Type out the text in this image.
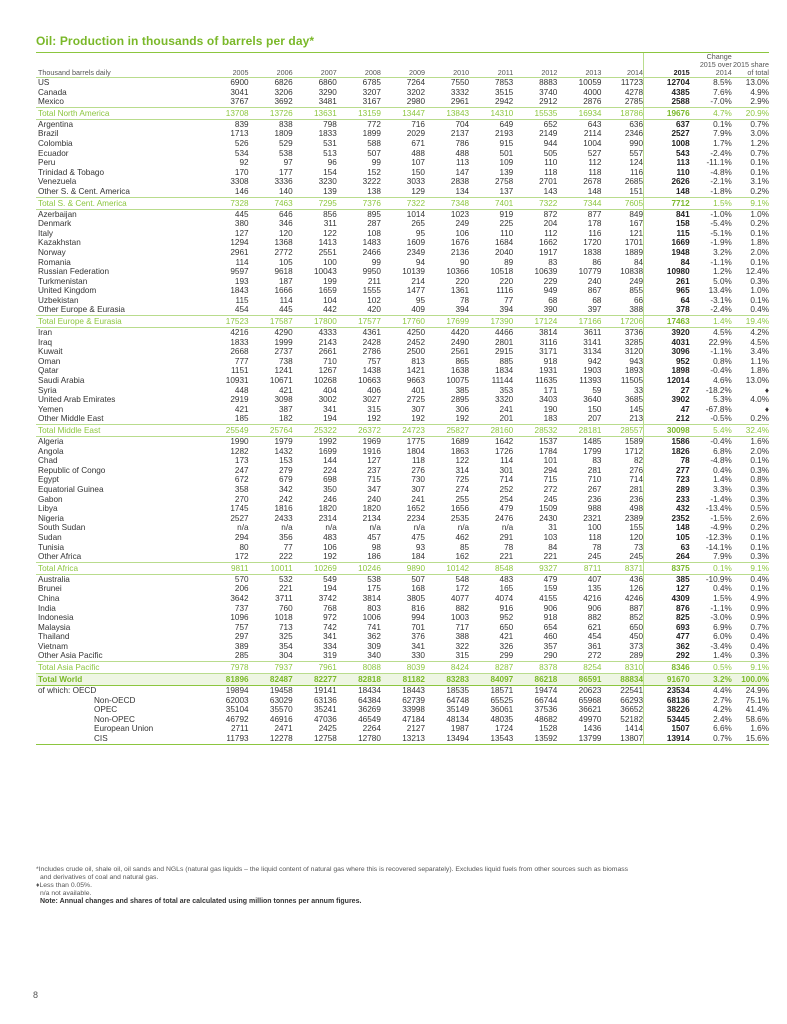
Oil: Production in thousands of barrels per day*
Thousand barrels daily	2005	2006	2007	2008	2009	2010	2011	2012	2013	2014	2015	Change 2015 over 2014	2015 share of total
US	6900	6826	6860	6785	7264	7550	7853	8883	10059	11723	12704	8.5%	13.0%
Canada	3041	3206	3290	3207	3202	3332	3515	3740	4000	4278	4385	7.6%	4.9%
Mexico	3767	3692	3481	3167	2980	2961	2942	2912	2876	2785	2588	-7.0%	2.9%
Total North America	13708	13726	13631	13159	13447	13843	14310	15535	16934	18786	19676	4.7%	20.9%
Argentina	839	838	798	772	716	704	649	652	643	636	637	0.1%	0.7%
Brazil	1713	1809	1833	1899	2029	2137	2193	2149	2114	2346	2527	7.9%	3.0%
Colombia	526	529	531	588	671	786	915	944	1004	990	1008	1.7%	1.2%
Ecuador	534	538	513	507	488	488	501	505	527	557	543	-2.4%	0.7%
Peru	92	97	96	99	107	113	109	110	112	124	113	-11.1%	0.1%
Trinidad & Tobago	170	177	154	152	150	147	139	118	118	116	110	-4.8%	0.1%
Venezuela	3308	3336	3230	3222	3033	2838	2758	2701	2678	2685	2626	-2.1%	3.1%
Other S. & Cent. America	146	140	139	138	129	134	137	143	148	151	148	-1.8%	0.2%
Total S. & Cent. America	7328	7463	7295	7376	7322	7348	7401	7322	7344	7605	7712	1.5%	9.1%
Azerbaijan	445	646	856	895	1014	1023	919	872	877	849	841	-1.0%	1.0%
Denmark	380	346	311	287	265	249	225	204	178	167	158	-5.4%	0.2%
Italy	127	120	122	108	95	106	110	112	116	121	115	-5.1%	0.1%
Kazakhstan	1294	1368	1413	1483	1609	1676	1684	1662	1720	1701	1669	-1.9%	1.8%
Norway	2961	2772	2551	2466	2349	2136	2040	1917	1838	1889	1948	3.2%	2.0%
Romania	114	105	100	99	94	90	89	83	86	84	84	-1.1%	0.1%
Russian Federation	9597	9618	10043	9950	10139	10366	10518	10639	10779	10838	10980	1.2%	12.4%
Turkmenistan	193	187	199	211	214	220	220	229	240	249	261	5.0%	0.3%
United Kingdom	1843	1666	1659	1555	1477	1361	1116	949	867	855	965	13.4%	1.0%
Uzbekistan	115	114	104	102	95	78	77	68	68	66	64	-3.1%	0.1%
Other Europe & Eurasia	454	445	442	420	409	394	394	390	397	388	378	-2.4%	0.4%
Total Europe & Eurasia	17523	17587	17800	17577	17760	17699	17390	17124	17166	17206	17463	1.4%	19.4%
Iran	4216	4290	4333	4361	4250	4420	4466	3814	3611	3736	3920	4.5%	4.2%
Iraq	1833	1999	2143	2428	2452	2490	2801	3116	3141	3285	4031	22.9%	4.5%
Kuwait	2668	2737	2661	2786	2500	2561	2915	3171	3134	3120	3096	-1.1%	3.4%
Oman	777	738	710	757	813	865	885	918	942	943	952	0.8%	1.1%
Qatar	1151	1241	1267	1438	1421	1638	1834	1931	1903	1893	1898	-0.4%	1.8%
Saudi Arabia	10931	10671	10268	10663	9663	10075	11144	11635	11393	11505	12014	4.6%	13.0%
Syria	448	421	404	406	401	385	353	171	59	33	27	-18.2%	♦
United Arab Emirates	2919	3098	3002	3027	2725	2895	3320	3403	3640	3685	3902	5.3%	4.0%
Yemen	421	387	341	315	307	306	241	190	150	145	47	-67.8%	♦
Other Middle East	185	182	194	192	192	192	201	183	207	213	212	-0.5%	0.2%
Total Middle East	25549	25764	25322	26372	24723	25827	28160	28532	28181	28557	30098	5.4%	32.4%
Algeria	1990	1979	1992	1969	1775	1689	1642	1537	1485	1589	1586	-0.4%	1.6%
Angola	1282	1432	1699	1916	1804	1863	1726	1784	1799	1712	1826	6.8%	2.0%
Chad	173	153	144	127	118	122	114	101	83	82	78	-4.8%	0.1%
Republic of Congo	247	279	224	237	276	314	301	294	281	276	277	0.4%	0.3%
Egypt	672	679	698	715	730	725	714	715	710	714	723	1.4%	0.8%
Equatorial Guinea	358	342	350	347	307	274	252	272	267	281	289	3.3%	0.3%
Gabon	270	242	246	240	241	255	254	245	236	236	233	-1.4%	0.3%
Libya	1745	1816	1820	1820	1652	1656	479	1509	988	498	432	-13.4%	0.5%
Nigeria	2527	2433	2314	2134	2234	2535	2476	2430	2321	2389	2352	-1.5%	2.6%
South Sudan	n/a	n/a	n/a	n/a	n/a	n/a	n/a	31	100	155	148	-4.9%	0.2%
Sudan	294	356	483	457	475	462	291	103	118	120	105	-12.3%	0.1%
Tunisia	80	77	106	98	93	85	78	84	78	73	63	-14.1%	0.1%
Other Africa	172	222	192	186	184	162	221	221	245	245	264	7.9%	0.3%
Total Africa	9811	10011	10269	10246	9890	10142	8548	9327	8711	8371	8375	0.1%	9.1%
Australia	570	532	549	538	507	548	483	479	407	436	385	-10.9%	0.4%
Brunei	206	221	194	175	168	172	165	159	135	126	127	0.4%	0.1%
China	3642	3711	3742	3814	3805	4077	4074	4155	4216	4246	4309	1.5%	4.9%
India	737	760	768	803	816	882	916	906	906	887	876	-1.1%	0.9%
Indonesia	1096	1018	972	1006	994	1003	952	918	882	852	825	-3.0%	0.9%
Malaysia	757	713	742	741	701	717	650	654	621	650	693	6.9%	0.7%
Thailand	297	325	341	362	376	388	421	460	454	450	477	6.0%	0.4%
Vietnam	389	354	334	309	341	322	326	357	361	373	362	-3.4%	0.4%
Other Asia Pacific	285	304	319	340	330	315	299	290	272	289	292	1.4%	0.3%
Total Asia Pacific	7978	7937	7961	8088	8039	8424	8287	8378	8254	8310	8346	0.5%	9.1%
Total World	81896	82487	82277	82818	81182	83283	84097	86218	86591	88834	91670	3.2%	100.0%
of which: OECD	19894	19458	19141	18434	18443	18535	18571	19474	20623	22541	23534	4.4%	24.9%
Non-OECD	62003	63029	63136	64384	62739	64748	65525	66744	65968	66293	68136	2.7%	75.1%
OPEC	35104	35570	35241	36269	33998	35149	36061	37536	36621	36652	38226	4.2%	41.4%
Non-OPEC	46792	46916	47036	46549	47184	48134	48035	48682	49970	52182	53445	2.4%	58.6%
European Union	2711	2471	2425	2264	2127	1987	1724	1528	1436	1414	1507	6.6%	1.6%
CIS	11793	12278	12758	12780	13213	13494	13543	13592	13799	13807	13914	0.7%	15.6%
*Includes crude oil, shale oil, oil sands and NGLs (natural gas liquids – the liquid content of natural gas where this is recovered separately). Excludes liquid fuels from other sources such as biomass
and derivatives of coal and natural gas.
♦Less than 0.05%.
n/a not available.
Note: Annual changes and shares of total are calculated using million tonnes per annum figures.
8
